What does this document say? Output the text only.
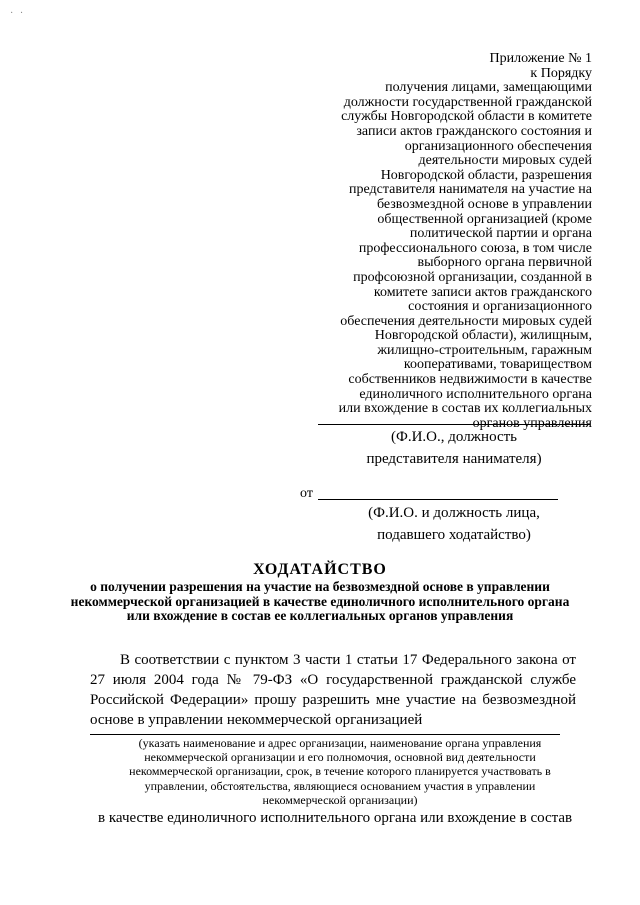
· ·
Приложение № 1
к Порядку
получения лицами, замещающими
должности государственной гражданской
службы Новгородской области в комитете
записи актов гражданского состояния и
организационного обеспечения
деятельности мировых судей
Новгородской области, разрешения
представителя нанимателя на участие на
безвозмездной основе в управлении
общественной организацией (кроме
политической партии и органа
профессионального союза, в том числе
выборного органа первичной
профсоюзной организации, созданной в
комитете записи актов гражданского
состояния и организационного
обеспечения деятельности мировых судей
Новгородской области), жилищным,
жилищно-строительным, гаражным
кооперативами, товариществом
собственников недвижимости в качестве
единоличного исполнительного органа
или вхождение в состав их коллегиальных
органов управления
(Ф.И.О., должность
представителя нанимателя)
от
(Ф.И.О. и должность лица,
подавшего ходатайство)
ХОДАТАЙСТВО
о получении разрешения на участие на безвозмездной основе в управлении некоммерческой организацией в качестве единоличного исполнительного органа или вхождение в состав ее коллегиальных органов управления
В соответствии с пунктом 3 части 1 статьи 17 Федерального закона от 27 июля 2004 года № 79-ФЗ «О государственной гражданской службе Российской Федерации» прошу разрешить мне участие на безвозмездной основе в управлении некоммерческой организацией
(указать наименование и адрес организации, наименование органа управления некоммерческой организации и его полномочия, основной вид деятельности некоммерческой организации, срок, в течение которого планируется участвовать в управлении, обстоятельства, являющиеся основанием участия в управлении некоммерческой организации)
в качестве единоличного исполнительного органа или вхождение в состав
